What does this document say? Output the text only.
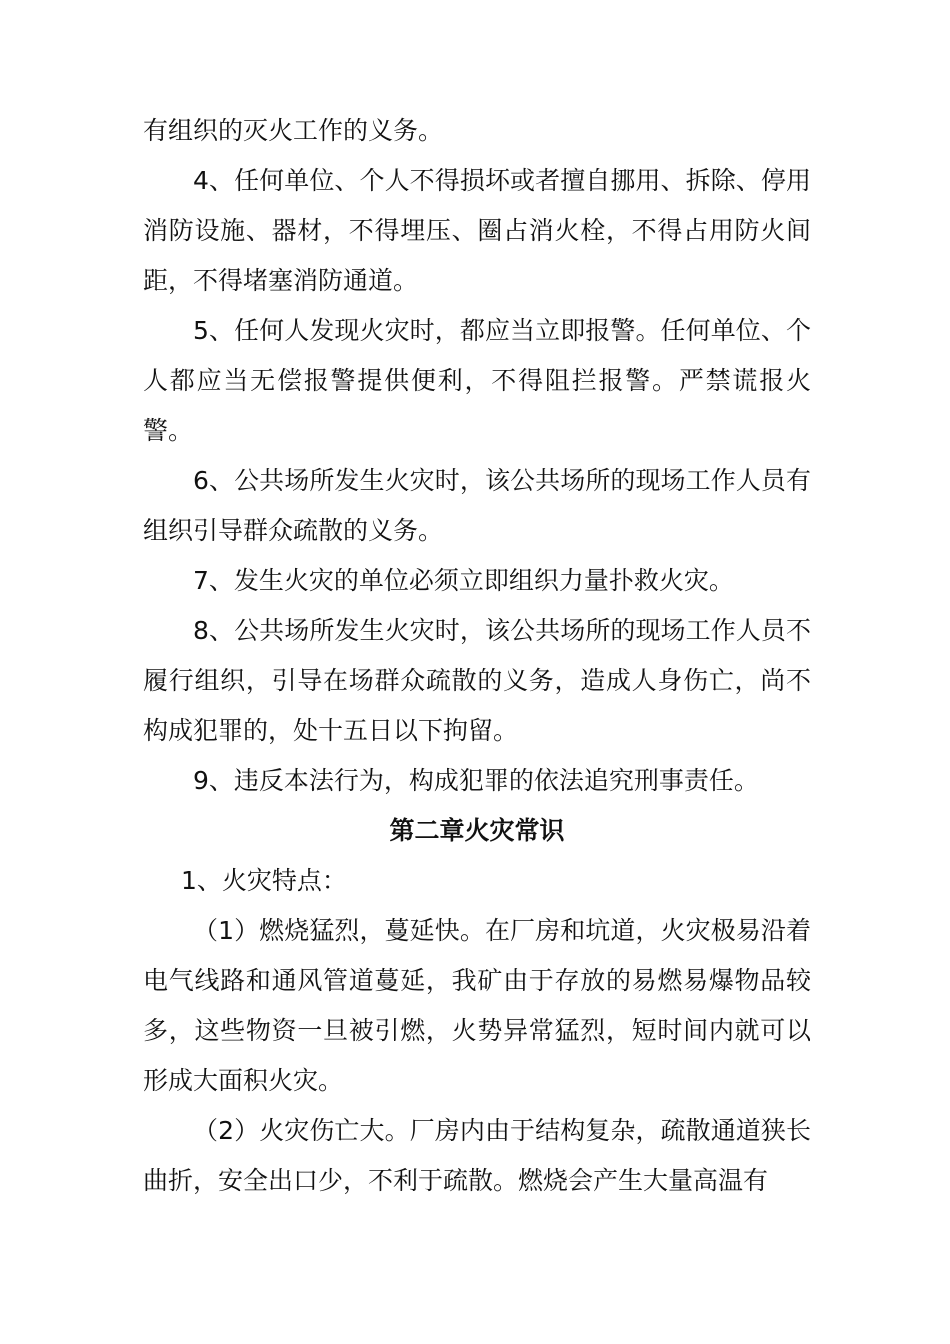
有组织的灭火工作的义务。

4、任何单位、个人不得损坏或者擅自挪用、拆除、停用消防设施、器材，不得埋压、圈占消火栓，不得占用防火间距，不得堵塞消防通道。

5、任何人发现火灾时，都应当立即报警。任何单位、个人都应当无偿报警提供便利，不得阻拦报警。严禁谎报火警。

6、公共场所发生火灾时，该公共场所的现场工作人员有组织引导群众疏散的义务。

7、发生火灾的单位必须立即组织力量扑救火灾。

8、公共场所发生火灾时，该公共场所的现场工作人员不履行组织，引导在场群众疏散的义务，造成人身伤亡，尚不构成犯罪的，处十五日以下拘留。

9、违反本法行为，构成犯罪的依法追究刑事责任。

第二章火灾常识

1、火灾特点：

（1）燃烧猛烈，蔓延快。在厂房和坑道，火灾极易沿着电气线路和通风管道蔓延，我矿由于存放的易燃易爆物品较多，这些物资一旦被引燃，火势异常猛烈，短时间内就可以形成大面积火灾。

（2）火灾伤亡大。厂房内由于结构复杂，疏散通道狭长曲折，安全出口少，不利于疏散。燃烧会产生大量高温有
